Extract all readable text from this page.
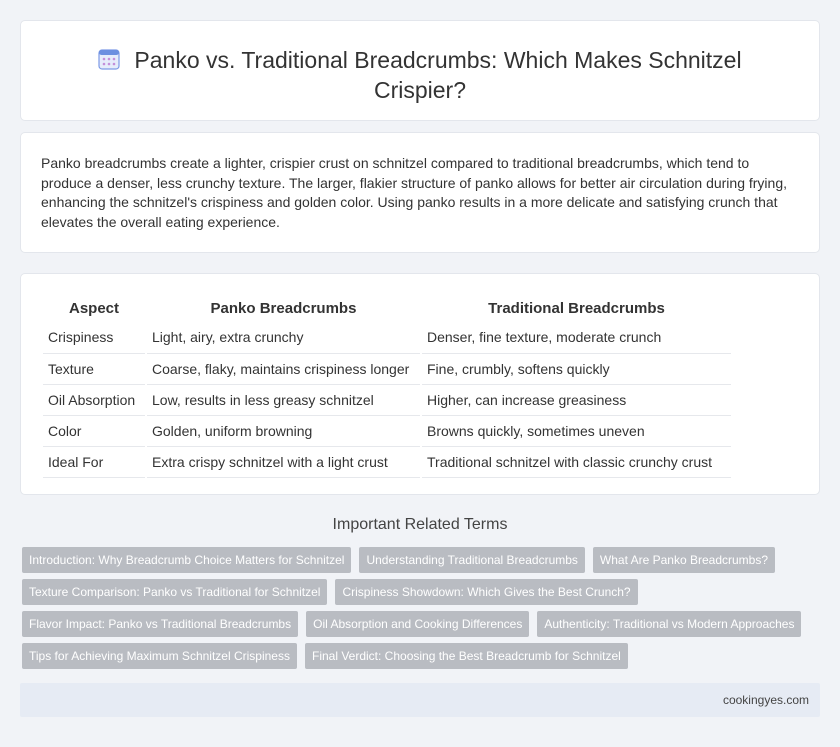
Panko vs. Traditional Breadcrumbs: Which Makes Schnitzel Crispier?

Panko breadcrumbs create a lighter, crispier crust on schnitzel compared to traditional breadcrumbs, which tend to produce a denser, less crunchy texture. The larger, flakier structure of panko allows for better air circulation during frying, enhancing the schnitzel's crispiness and golden color. Using panko results in a more delicate and satisfying crunch that elevates the overall eating experience.

Aspect	Panko Breadcrumbs	Traditional Breadcrumbs
Crispiness	Light, airy, extra crunchy	Denser, fine texture, moderate crunch
Texture	Coarse, flaky, maintains crispiness longer	Fine, crumbly, softens quickly
Oil Absorption	Low, results in less greasy schnitzel	Higher, can increase greasiness
Color	Golden, uniform browning	Browns quickly, sometimes uneven
Ideal For	Extra crispy schnitzel with a light crust	Traditional schnitzel with classic crunchy crust
Important Related Terms
Introduction: Why Breadcrumb Choice Matters for Schnitzel	Understanding Traditional Breadcrumbs	What Are Panko Breadcrumbs?
Texture Comparison: Panko vs Traditional for Schnitzel	Crispiness Showdown: Which Gives the Best Crunch?
Flavor Impact: Panko vs Traditional Breadcrumbs	Oil Absorption and Cooking Differences	Authenticity: Traditional vs Modern Approaches
Tips for Achieving Maximum Schnitzel Crispiness	Final Verdict: Choosing the Best Breadcrumb for Schnitzel
cookingyes.com
